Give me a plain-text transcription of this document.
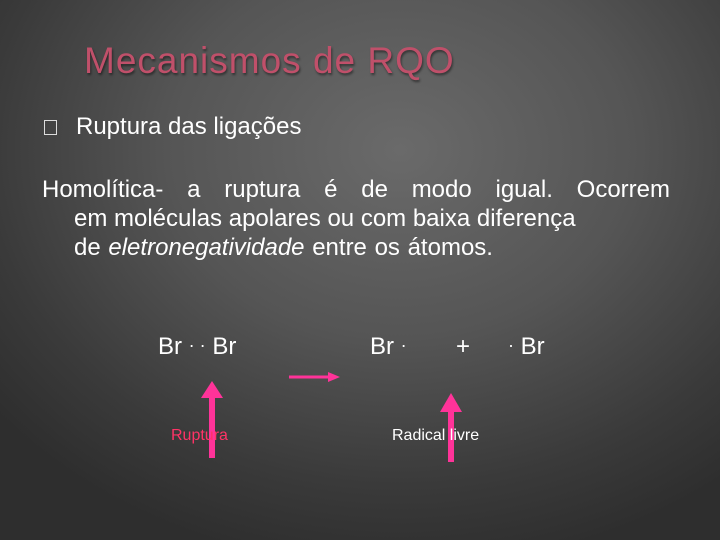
Mecanismos de RQO
Ruptura das ligações
Homolítica- a ruptura é de modo igual. Ocorrem
em moléculas apolares ou com baixa diferença
de eletronegatividade entre os átomos.
Br · · Br	Br · + · Br
Ruptura	Radical livre
